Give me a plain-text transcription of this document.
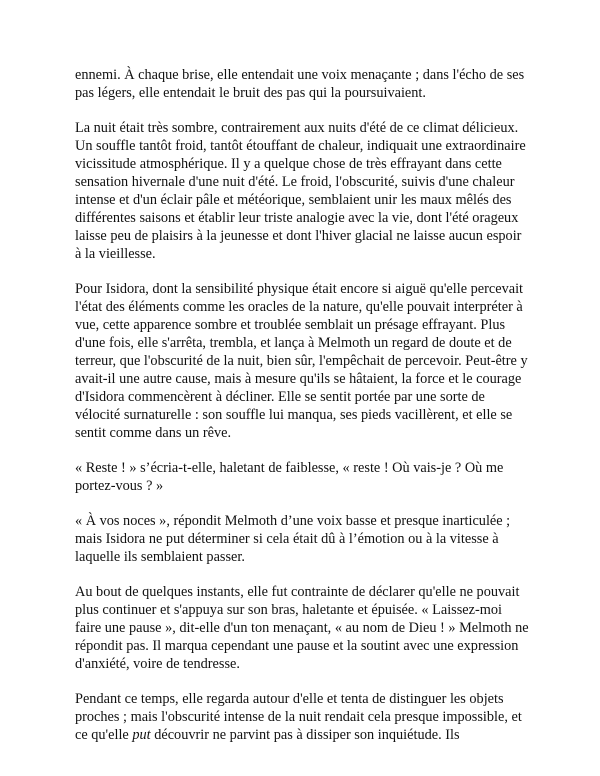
ennemi. À chaque brise, elle entendait une voix menaçante ; dans l'écho de ses pas légers, elle entendait le bruit des pas qui la poursuivaient.

La nuit était très sombre, contrairement aux nuits d'été de ce climat délicieux. Un souffle tantôt froid, tantôt étouffant de chaleur, indiquait une extraordinaire vicissitude atmosphérique. Il y a quelque chose de très effrayant dans cette sensation hivernale d'une nuit d'été. Le froid, l'obscurité, suivis d'une chaleur intense et d'un éclair pâle et météorique, semblaient unir les maux mêlés des différentes saisons et établir leur triste analogie avec la vie, dont l'été orageux laisse peu de plaisirs à la jeunesse et dont l'hiver glacial ne laisse aucun espoir à la vieillesse.

Pour Isidora, dont la sensibilité physique était encore si aiguë qu'elle percevait l'état des éléments comme les oracles de la nature, qu'elle pouvait interpréter à vue, cette apparence sombre et troublée semblait un présage effrayant. Plus d'une fois, elle s'arrêta, trembla, et lança à Melmoth un regard de doute et de terreur, que l'obscurité de la nuit, bien sûr, l'empêchait de percevoir. Peut-être y avait-il une autre cause, mais à mesure qu'ils se hâtaient, la force et le courage d'Isidora commencèrent à décliner. Elle se sentit portée par une sorte de vélocité surnaturelle : son souffle lui manqua, ses pieds vacillèrent, et elle se sentit comme dans un rêve.

« Reste ! » s’écria-t-elle, haletant de faiblesse, « reste ! Où vais-je ? Où me portez-vous ? »

« À vos noces », répondit Melmoth d’une voix basse et presque inarticulée ; mais Isidora ne put déterminer si cela était dû à l’émotion ou à la vitesse à laquelle ils semblaient passer.

Au bout de quelques instants, elle fut contrainte de déclarer qu'elle ne pouvait plus continuer et s'appuya sur son bras, haletante et épuisée. « Laissez-moi faire une pause », dit-elle d'un ton menaçant, « au nom de Dieu ! » Melmoth ne répondit pas. Il marqua cependant une pause et la soutint avec une expression d'anxiété, voire de tendresse.

Pendant ce temps, elle regarda autour d'elle et tenta de distinguer les objets proches ; mais l'obscurité intense de la nuit rendait cela presque impossible, et ce qu'elle put découvrir ne parvint pas à dissiper son inquiétude. Ils
